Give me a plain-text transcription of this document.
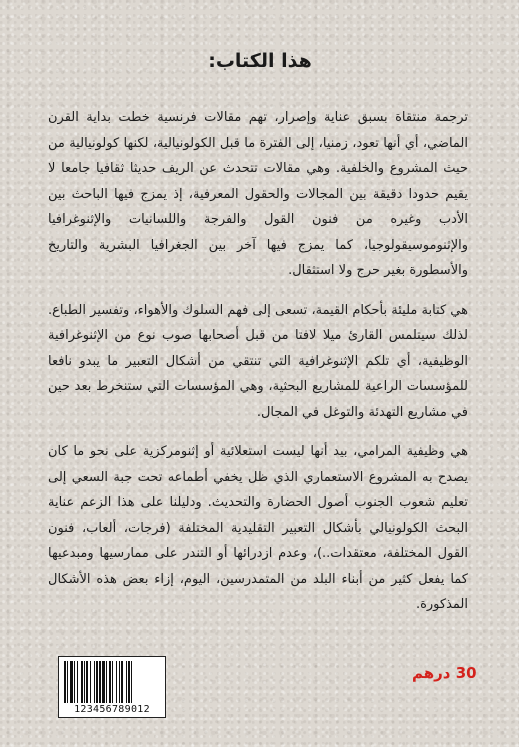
هذا الكتاب:

ترجمة منتقاة بسبق عناية وإصرار، تهم مقالات فرنسية خطت بداية القرن الماضي، أي أنها تعود، زمنيا، إلى الفترة ما قبل الكولونيالية، لكنها كولونيالية من حيث المشروع والخلفية. وهي مقالات تتحدث عن الريف حديثا ثقافيا جامعا لا يقيم حدودا دقيقة بين المجالات والحقول المعرفية، إذ يمزج فيها الباحث بين الأدب وغيره من فنون القول والفرجة واللسانيات والإثنوغرافيا والإثنوموسيقولوجيا، كما يمزج فيها آخر بين الجغرافيا البشرية والتاريخ والأسطورة بغير حرج ولا استثقال.

هي كتابة مليئة بأحكام القيمة، تسعى إلى فهم السلوك والأهواء، وتفسير الطباع. لذلك سيتلمس القارئ ميلا لافتا من قبل أصحابها صوب نوع من الإثنوغرافية الوظيفية، أي تلكم الإثنوغرافية التي تنتقي من أشكال التعبير ما يبدو نافعا للمؤسسات الراعية للمشاريع البحثية، وهي المؤسسات التي ستنخرط بعد حين في مشاريع التهدئة والتوغل في المجال.

هي وظيفية المرامي، بيد أنها ليست استعلائية أو إثنومركزية على نحو ما كان يصدح به المشروع الاستعماري الذي ظل يخفي أطماعه تحت جبة السعي إلى تعليم شعوب الجنوب أصول الحضارة والتحديث. ودليلنا على هذا الزعم عناية البحث الكولونيالي بأشكال التعبير التقليدية المختلفة (فرجات، ألعاب، فنون القول المختلفة، معتقدات..)، وعدم ازدرائها أو التندر على ممارسيها ومبدعيها كما يفعل كثير من أبناء البلد من المتمدرسين، اليوم، إزاء بعض هذه الأشكال المذكورة.

30 درهم
123456789012
